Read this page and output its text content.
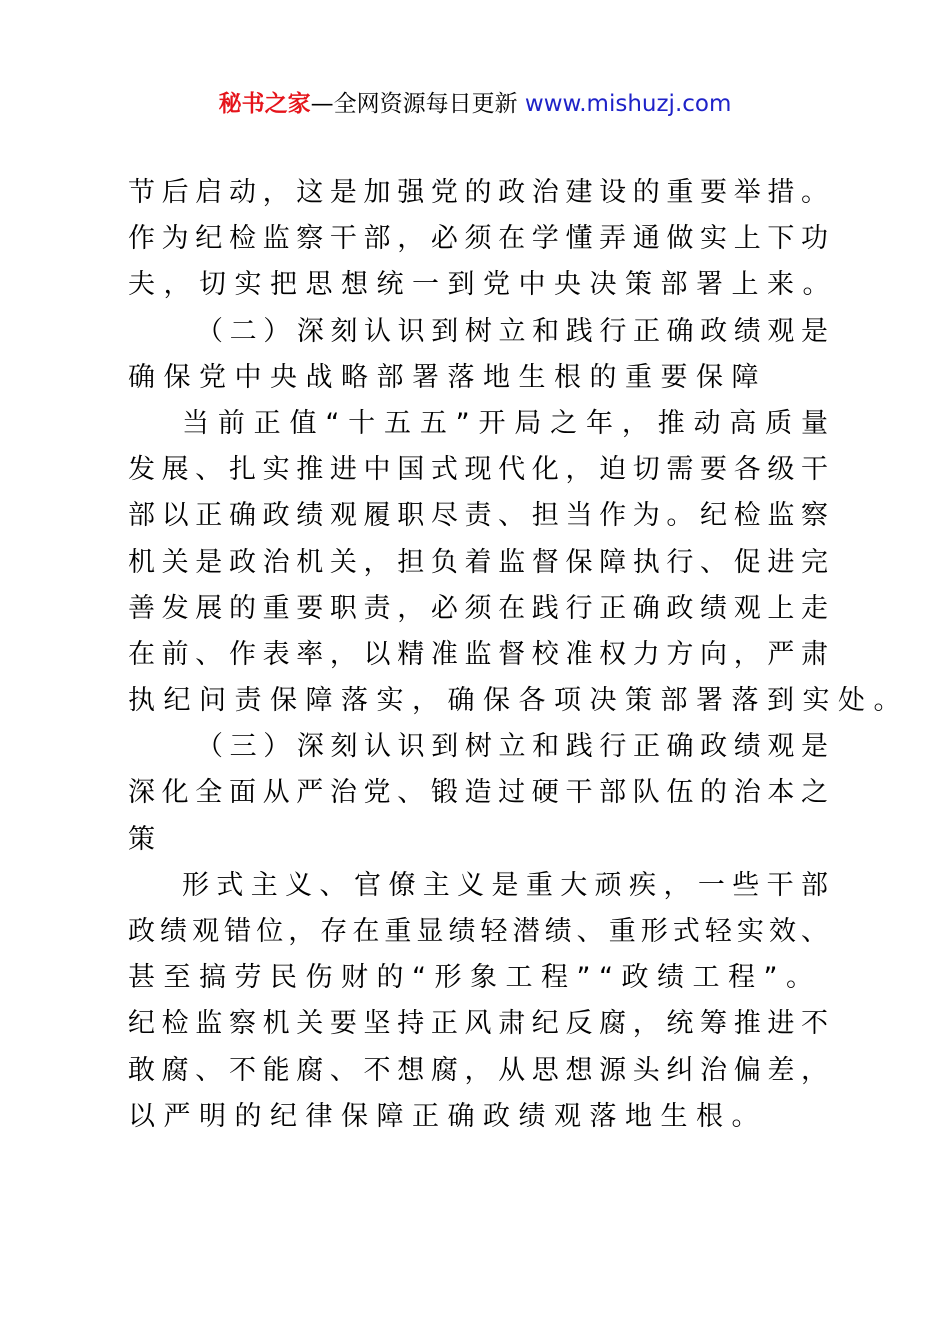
秘书之家—全网资源每日更新 www.mishuzj.com
节后启动，这是加强党的政治建设的重要举措。
作为纪检监察干部，必须在学懂弄通做实上下功
夫，切实把思想统一到党中央决策部署上来。
（二）深刻认识到树立和践行正确政绩观是
确保党中央战略部署落地生根的重要保障
当前正值“十五五”开局之年，推动高质量
发展、扎实推进中国式现代化，迫切需要各级干
部以正确政绩观履职尽责、担当作为。纪检监察
机关是政治机关，担负着监督保障执行、促进完
善发展的重要职责，必须在践行正确政绩观上走
在前、作表率，以精准监督校准权力方向，严肃
执纪问责保障落实，确保各项决策部署落到实处。
（三）深刻认识到树立和践行正确政绩观是
深化全面从严治党、锻造过硬干部队伍的治本之
策
形式主义、官僚主义是重大顽疾，一些干部
政绩观错位，存在重显绩轻潜绩、重形式轻实效、
甚至搞劳民伤财的“形象工程”“政绩工程”。
纪检监察机关要坚持正风肃纪反腐，统筹推进不
敢腐、不能腐、不想腐，从思想源头纠治偏差，
以严明的纪律保障正确政绩观落地生根。
